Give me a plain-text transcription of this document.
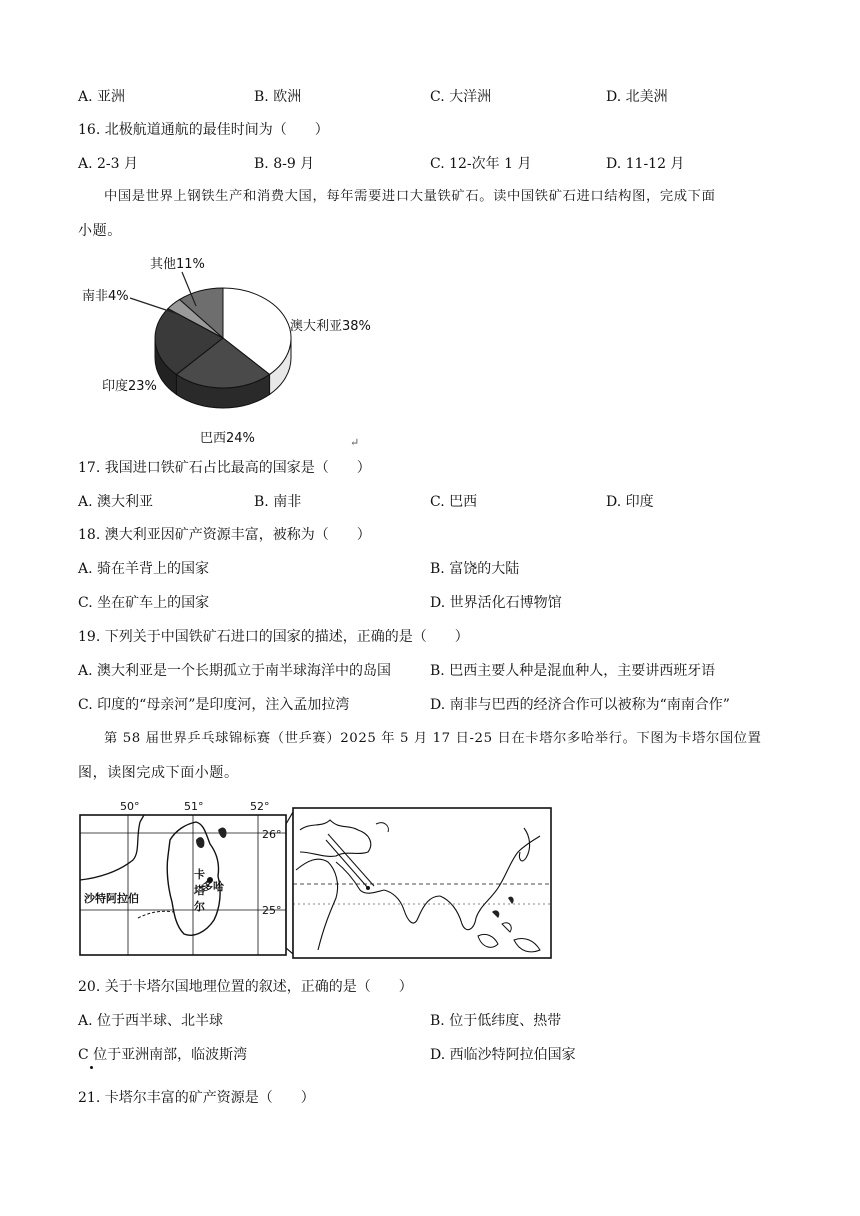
A. 亚洲	B. 欧洲	C. 大洋洲	D. 北美洲
16. 北极航道通航的最佳时间为（　　）
A. 2-3 月	B. 8-9 月	C. 12-次年 1 月	D. 11-12 月
中国是世界上钢铁生产和消费大国，每年需要进口大量铁矿石。读中国铁矿石进口结构图，完成下面
小题。
其他11%
南非4%
澳大利亚38%
印度23%
巴西24%	↵
17. 我国进口铁矿石占比最高的国家是（　　）
A. 澳大利亚	B. 南非	C. 巴西	D. 印度
18. 澳大利亚因矿产资源丰富，被称为（　　）
A. 骑在羊背上的国家	B. 富饶的大陆
C. 坐在矿车上的国家	D. 世界活化石博物馆
19. 下列关于中国铁矿石进口的国家的描述，正确的是（　　）
A. 澳大利亚是一个长期孤立于南半球海洋中的岛国	B. 巴西主要人种是混血种人，主要讲西班牙语
C. 印度的“母亲河”是印度河，注入孟加拉湾	D. 南非与巴西的经济合作可以被称为“南南合作”
第 58 届世界乒乓球锦标赛（世乒赛）2025 年 5 月 17 日-25 日在卡塔尔多哈举行。下图为卡塔尔国位置
图，读图完成下面小题。
50°	51°	52°
26°
25°
沙特阿拉伯
卡
塔
尔
多哈
20. 关于卡塔尔国地理位置的叙述，正确的是（　　）
A. 位于西半球、北半球	B. 位于低纬度、热带
C 位于亚洲南部，临波斯湾	D. 西临沙特阿拉伯国家
21. 卡塔尔丰富的矿产资源是（　　）
